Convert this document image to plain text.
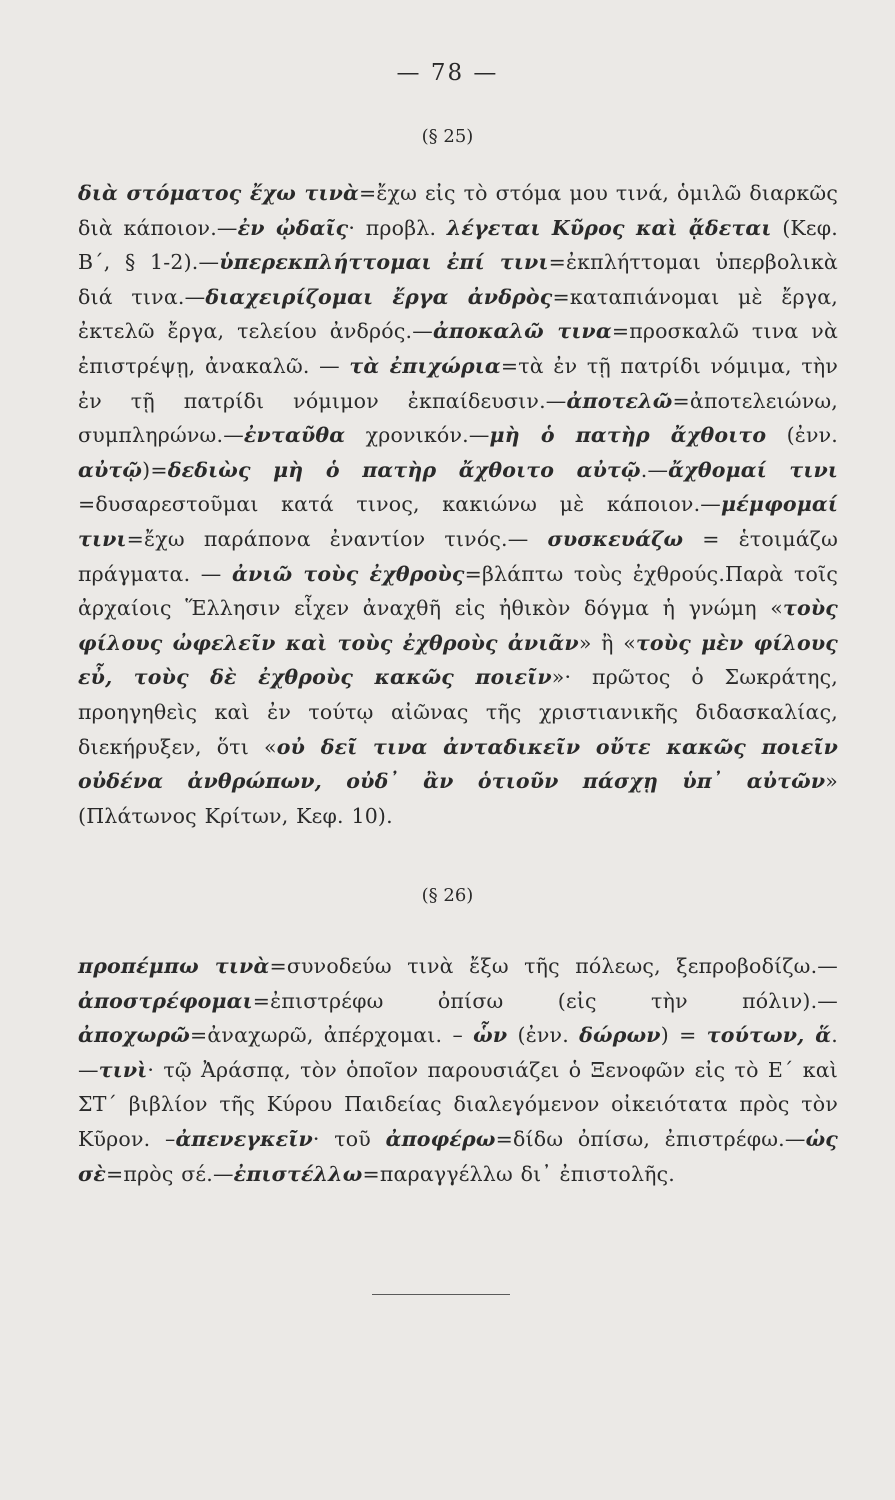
— 78 —
(§ 25)
διὰ στόματος ἔχω τινὰ=ἔχω εἰς τὸ στόμα μου τινά, ὁμιλῶ διαρκῶς διὰ κάποιον.—ἐν ᾠδαῖς· προβλ. λέγεται Κῦρος καὶ ᾄδεται (Κεφ. Β΄, § 1-2).—ὑπερεκπλήττομαι ἐπί τινι=ἐκπλήττομαι ὑπερβολικὰ διά τινα.—διαχειρίζομαι ἔργα ἀνδρὸς=καταπιάνομαι μὲ ἔργα, ἐκτελῶ ἔργα, τελείου ἀνδρός.—ἀποκαλῶ τινα=προσκαλῶ τινα νὰ ἐπιστρέψῃ, ἀνακαλῶ. — τὰ ἐπιχώρια=τὰ ἐν τῇ πατρίδι νόμιμα, τὴν ἐν τῇ πατρίδι νόμιμον ἐκπαίδευσιν.—ἀποτελῶ=ἀποτελειώνω, συμπληρώνω.—ἐνταῦθα χρονικόν.—μὴ ὁ πατὴρ ἄχθοιτο (ἐνν. αὐτῷ)=δεδιὼς μὴ ὁ πατὴρ ἄχθοιτο αὐτῷ.—ἄχθομαί τινι =δυσαρεστοῦμαι κατά τινος, κακιώνω μὲ κάποιον.—μέμφομαί τινι=ἔχω παράπονα ἐναντίον τινός.— συσκευάζω = ἑτοιμάζω πράγματα. — ἀνιῶ τοὺς ἐχθροὺς=βλάπτω τοὺς ἐχθρούς.Παρὰ τοῖς ἀρχαίοις Ἕλλησιν εἶχεν ἀναχθῆ εἰς ἠθικὸν δόγμα ἡ γνώμη «τοὺς φίλους ὠφελεῖν καὶ τοὺς ἐχθροὺς ἀνιᾶν» ἢ «τοὺς μὲν φίλους εὖ, τοὺς δὲ ἐχθροὺς κακῶς ποιεῖν»· πρῶτος ὁ Σωκράτης, προηγηθεὶς καὶ ἐν τούτῳ αἰῶνας τῆς χριστιανικῆς διδασκαλίας, διεκήρυξεν, ὅτι «οὐ δεῖ τινα ἀνταδικεῖν οὔτε κακῶς ποιεῖν οὐδένα ἀνθρώπων, οὐδ᾿ ἂν ὁτιοῦν πάσχῃ ὑπ᾿ αὐτῶν» (Πλάτωνος Κρίτων, Κεφ. 10).
(§ 26)
προπέμπω τινὰ=συνοδεύω τινὰ ἔξω τῆς πόλεως, ξεπροβοδίζω.—ἀποστρέφομαι=ἐπιστρέφω ὀπίσω (εἰς τὴν πόλιν).—ἀποχωρῶ=ἀναχωρῶ, ἀπέρχομαι. – ὧν (ἐνν. δώρων) = τούτων, ἅ.—τινὶ· τῷ Ἀράσπᾳ, τὸν ὁποῖον παρουσιάζει ὁ Ξενοφῶν εἰς τὸ Ε΄ καὶ ΣΤ΄ βιβλίον τῆς Κύρου Παιδείας διαλεγόμενον οἰκειότατα πρὸς τὸν Κῦρον. –ἀπενεγκεῖν· τοῦ ἀποφέρω=δίδω ὀπίσω, ἐπιστρέφω.—ὡς σὲ=πρὸς σέ.—ἐπιστέλλω=παραγγέλλω δι᾿ ἐπιστολῆς.
